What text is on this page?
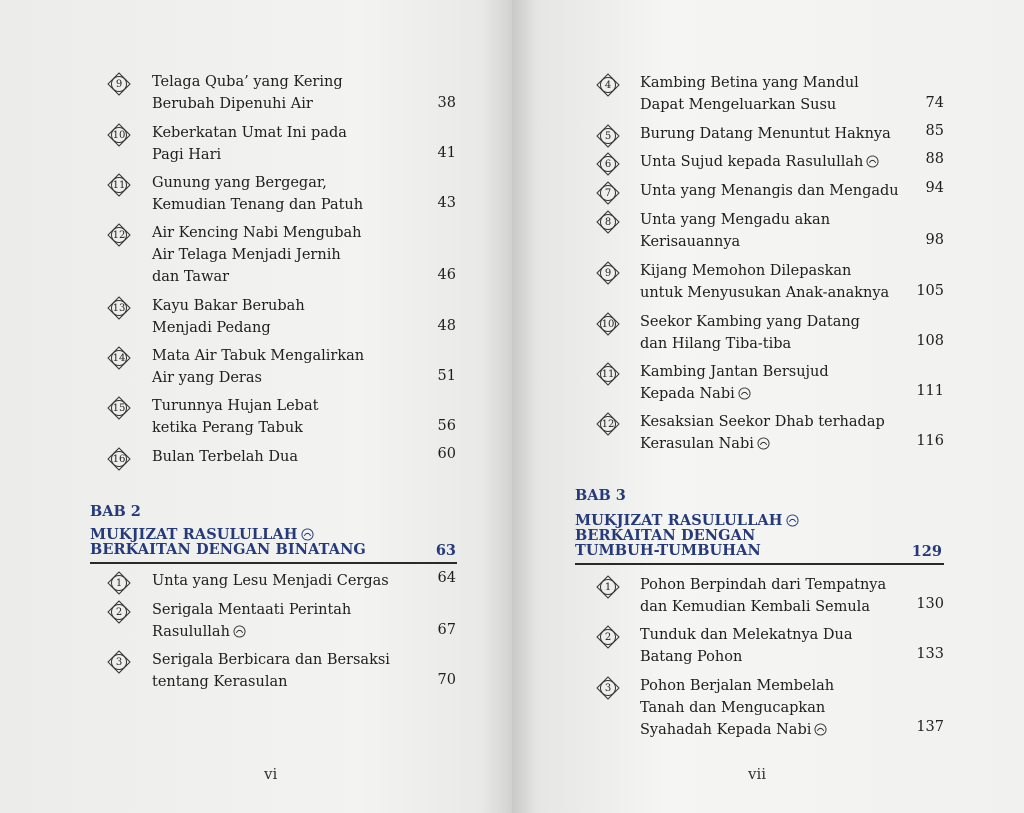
9 Telaga Quba’ yang Kering
Berubah Dipenuhi Air	38
10 Keberkatan Umat Ini pada
Pagi Hari	41
11 Gunung yang Bergegar,
Kemudian Tenang dan Patuh	43
12 Air Kencing Nabi Mengubah
Air Telaga Menjadi Jernih
dan Tawar	46
13 Kayu Bakar Berubah
Menjadi Pedang	48
14 Mata Air Tabuk Mengalirkan
Air yang Deras	51
15 Turunnya Hujan Lebat
ketika Perang Tabuk	56
16 Bulan Terbelah Dua	60
BAB 2
MUKJIZAT RASULULLAH
BERKAITAN DENGAN BINATANG	63
1 Unta yang Lesu Menjadi Cergas	64
2 Serigala Mentaati Perintah
Rasulullah	67
3 Serigala Berbicara dan Bersaksi
tentang Kerasulan	70
vi
4 Kambing Betina yang Mandul
Dapat Mengeluarkan Susu	74
5 Burung Datang Menuntut Haknya	85
6 Unta Sujud kepada Rasulullah	88
7 Unta yang Menangis dan Mengadu	94
8 Unta yang Mengadu akan
Kerisauannya	98
9 Kijang Memohon Dilepaskan
untuk Menyusukan Anak-anaknya	105
10 Seekor Kambing yang Datang
dan Hilang Tiba-tiba	108
11 Kambing Jantan Bersujud
Kepada Nabi	111
12 Kesaksian Seekor Dhab terhadap
Kerasulan Nabi	116
BAB 3
MUKJIZAT RASULULLAH
BERKAITAN DENGAN
TUMBUH-TUMBUHAN	129
1 Pohon Berpindah dari Tempatnya
dan Kemudian Kembali Semula	130
2 Tunduk dan Melekatnya Dua
Batang Pohon	133
3 Pohon Berjalan Membelah
Tanah dan Mengucapkan
Syahadah Kepada Nabi	137
vii
